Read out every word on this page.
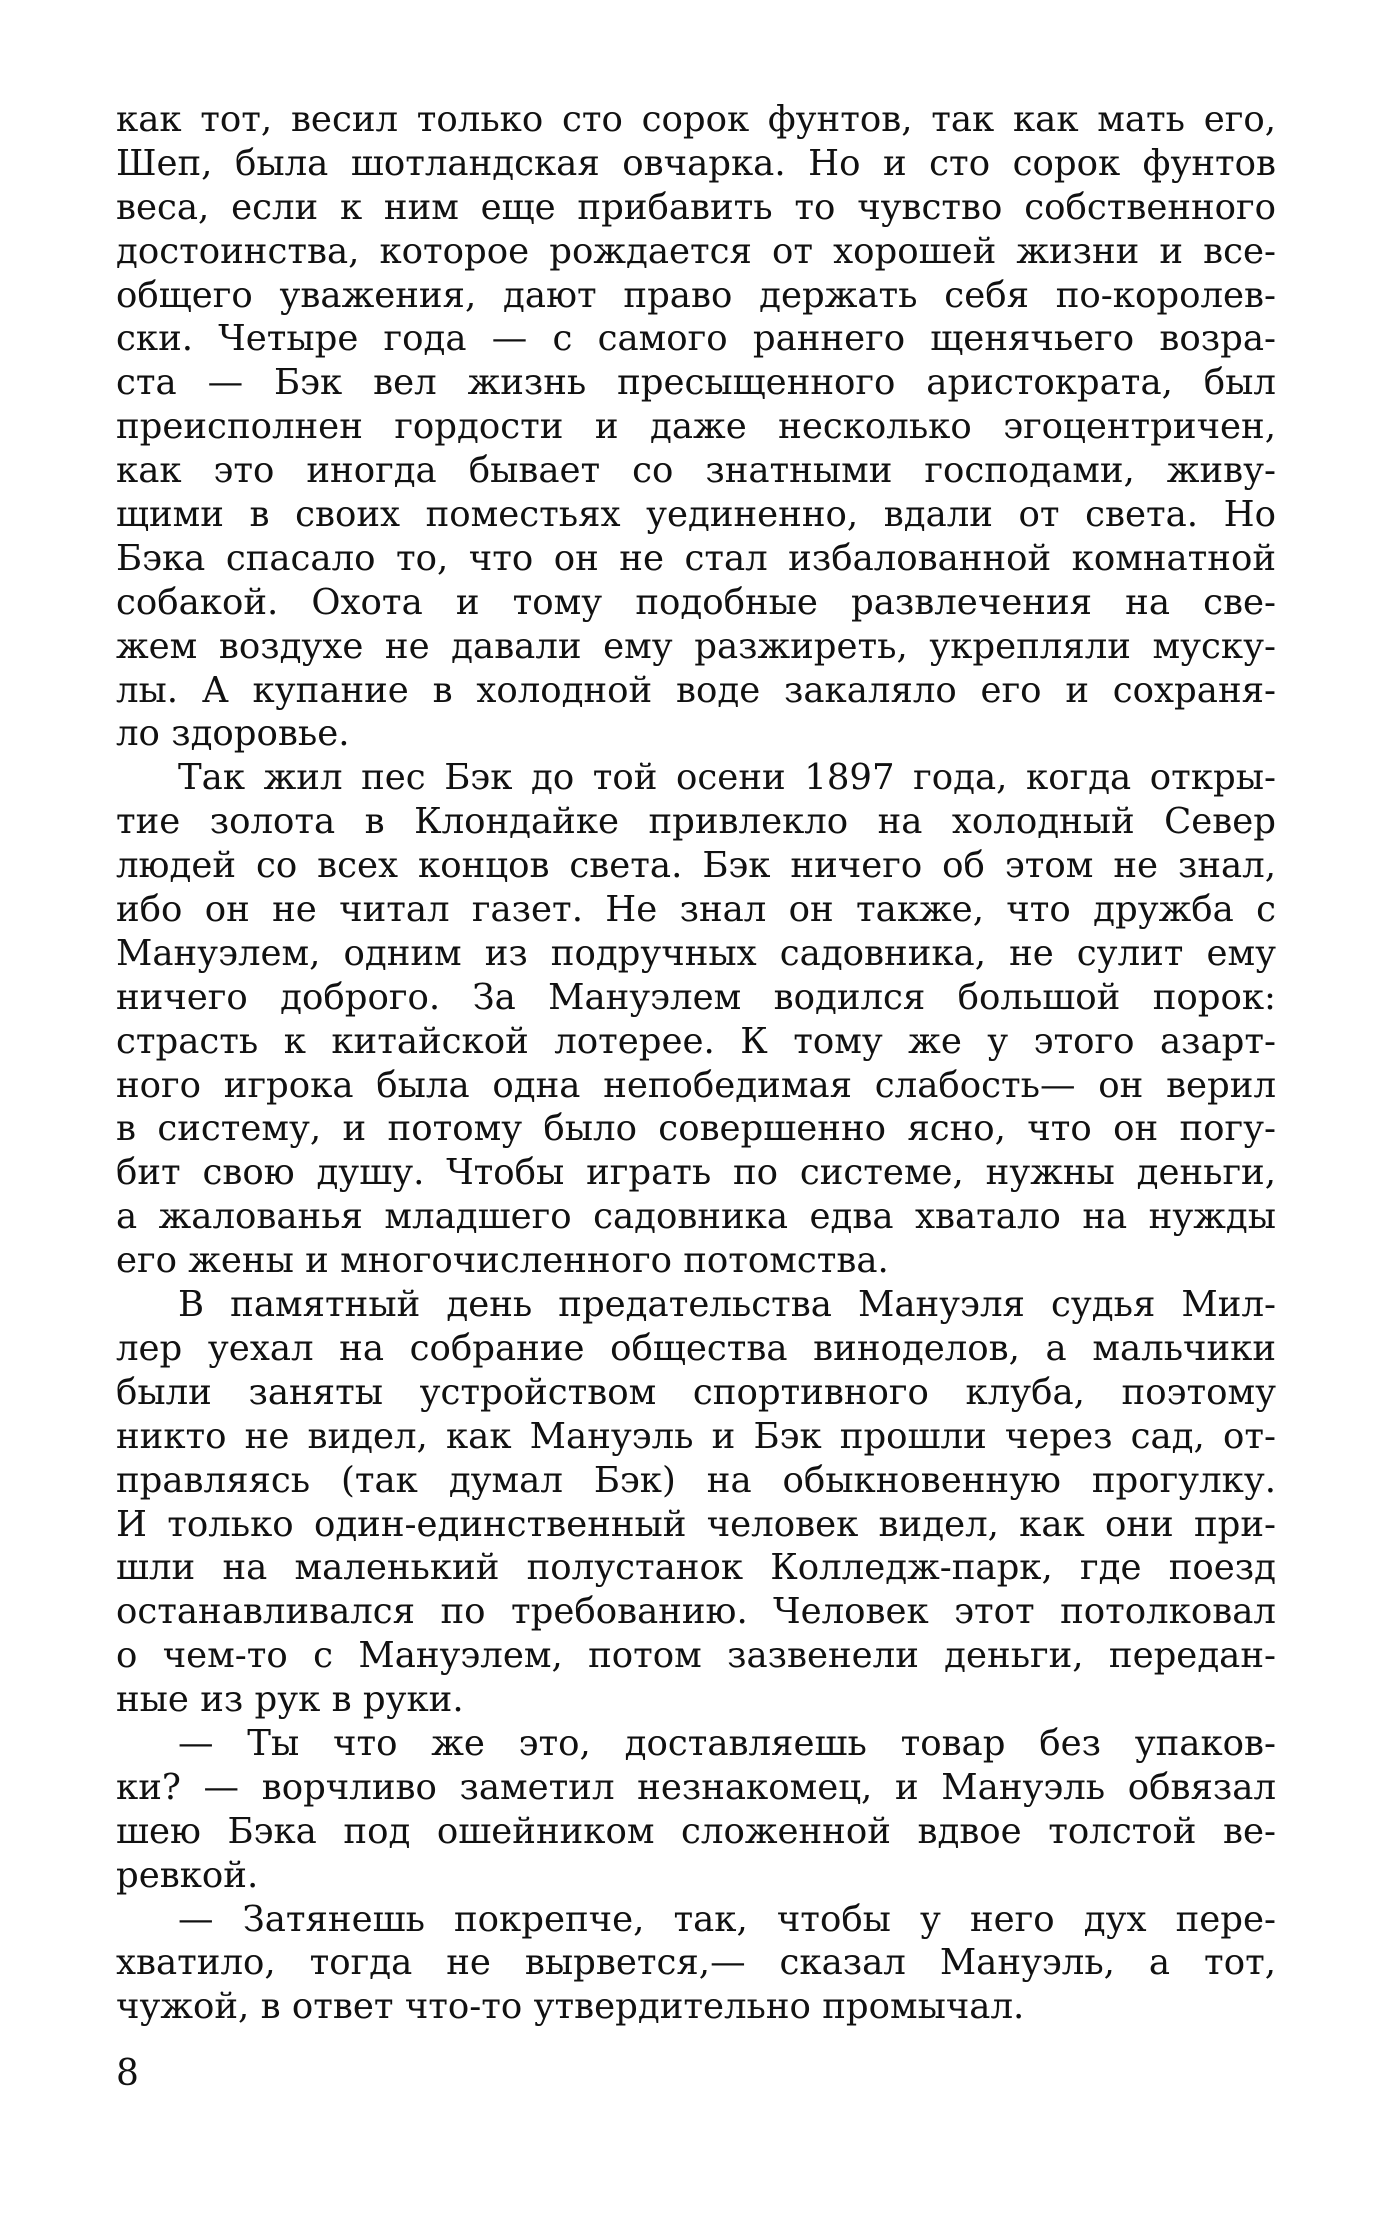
как тот, весил только сто сорок фунтов, так как мать его,
Шеп, была шотландская овчарка. Но и сто сорок фунтов
веса, если к ним еще прибавить то чувство собственного
достоинства, которое рождается от хорошей жизни и все-
общего уважения, дают право держать себя по-королев-
ски. Четыре года — с самого раннего щенячьего возра-
ста — Бэк вел жизнь пресыщенного аристократа, был
преисполнен гордости и даже несколько эгоцентричен,
как это иногда бывает со знатными господами, живу-
щими в своих поместьях уединенно, вдали от света. Но
Бэка спасало то, что он не стал избалованной комнатной
собакой. Охота и тому подобные развлечения на све-
жем воздухе не давали ему разжиреть, укрепляли муску-
лы. А купание в холодной воде закаляло его и сохраня-
ло здоровье.
Так жил пес Бэк до той осени 1897 года, когда откры-
тие золота в Клондайке привлекло на холодный Север
людей со всех концов света. Бэк ничего об этом не знал,
ибо он не читал газет. Не знал он также, что дружба с
Мануэлем, одним из подручных садовника, не сулит ему
ничего доброго. За Мануэлем водился большой порок:
страсть к китайской лотерее. К тому же у этого азарт-
ного игрока была одна непобедимая слабость— он верил
в систему, и потому было совершенно ясно, что он погу-
бит свою душу. Чтобы играть по системе, нужны деньги,
а жалованья младшего садовника едва хватало на нужды
его жены и многочисленного потомства.
В памятный день предательства Мануэля судья Мил-
лер уехал на собрание общества виноделов, а мальчики
были заняты устройством спортивного клуба, поэтому
никто не видел, как Мануэль и Бэк прошли через сад, от-
правляясь (так думал Бэк) на обыкновенную прогулку.
И только один-единственный человек видел, как они при-
шли на маленький полустанок Колледж-парк, где поезд
останавливался по требованию. Человек этот потолковал
о чем-то с Мануэлем, потом зазвенели деньги, передан-
ные из рук в руки.
— Ты что же это, доставляешь товар без упаков-
ки? — ворчливо заметил незнакомец, и Мануэль обвязал
шею Бэка под ошейником сложенной вдвое толстой ве-
ревкой.
— Затянешь покрепче, так, чтобы у него дух пере-
хватило, тогда не вырвется,— сказал Мануэль, а тот,
чужой, в ответ что-то утвердительно промычал.
8
